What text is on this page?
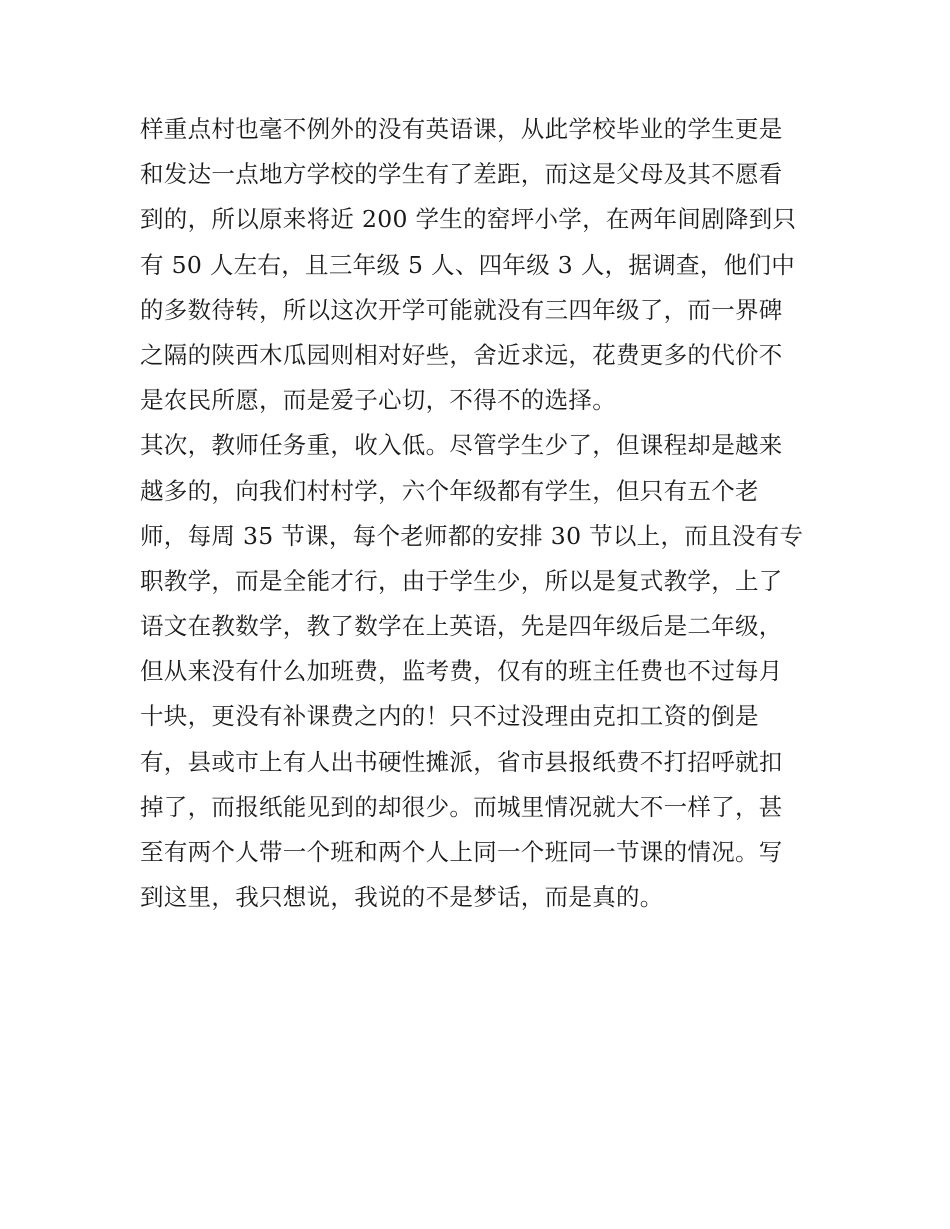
样重点村也毫不例外的没有英语课，从此学校毕业的学生更是
和发达一点地方学校的学生有了差距，而这是父母及其不愿看
到的，所以原来将近 200 学生的窑坪小学，在两年间剧降到只
有 50 人左右，且三年级 5 人、四年级 3 人，据调查，他们中
的多数待转，所以这次开学可能就没有三四年级了，而一界碑
之隔的陕西木瓜园则相对好些，舍近求远，花费更多的代价不
是农民所愿，而是爱子心切，不得不的选择。
其次，教师任务重，收入低。尽管学生少了，但课程却是越来
越多的，向我们村村学，六个年级都有学生，但只有五个老
师，每周 35 节课，每个老师都的安排 30 节以上，而且没有专
职教学，而是全能才行，由于学生少，所以是复式教学，上了
语文在教数学，教了数学在上英语，先是四年级后是二年级，
但从来没有什么加班费，监考费，仅有的班主任费也不过每月
十块，更没有补课费之内的！只不过没理由克扣工资的倒是
有，县或市上有人出书硬性摊派，省市县报纸费不打招呼就扣
掉了，而报纸能见到的却很少。而城里情况就大不一样了，甚
至有两个人带一个班和两个人上同一个班同一节课的情况。写
到这里，我只想说，我说的不是梦话，而是真的。
